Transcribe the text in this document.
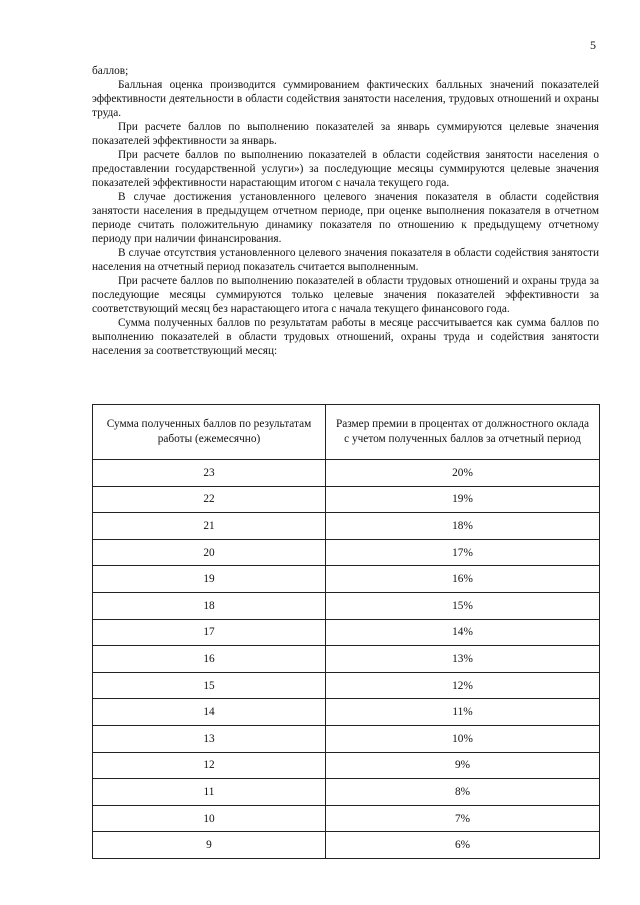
5

баллов;

Балльная оценка производится суммированием фактических балльных значений показателей эффективности деятельности в области содействия занятости населения, трудовых отношений и охраны труда.

При расчете баллов по выполнению показателей за январь суммируются целевые значения показателей эффективности за январь.

При расчете баллов по выполнению показателей в области содействия занятости населения о предоставлении государственной услуги») за последующие месяцы суммируются целевые значения показателей эффективности нарастающим итогом с начала текущего года.

В случае достижения установленного целевого значения показателя в области содействия занятости населения в предыдущем отчетном периоде, при оценке выполнения показателя в отчетном периоде считать положительную динамику показателя по отношению к предыдущему отчетному периоду при наличии финансирования.

В случае отсутствия установленного целевого значения показателя в области содействия занятости населения на отчетный период показатель считается выполненным.

При расчете баллов по выполнению показателей в области трудовых отношений и охраны труда за последующие месяцы суммируются только целевые значения показателей эффективности за соответствующий месяц без нарастающего итога с начала текущего финансового года.

Сумма полученных баллов по результатам работы в месяце рассчитывается как сумма баллов по выполнению показателей в области трудовых отношений, охраны труда и содействия занятости населения за соответствующий месяц:

Сумма полученных баллов по результатам работы (ежемесячно)	Размер премии в процентах от должностного оклада с учетом полученных баллов за отчетный период
23	20%
22	19%
21	18%
20	17%
19	16%
18	15%
17	14%
16	13%
15	12%
14	11%
13	10%
12	9%
11	8%
10	7%
9	6%
